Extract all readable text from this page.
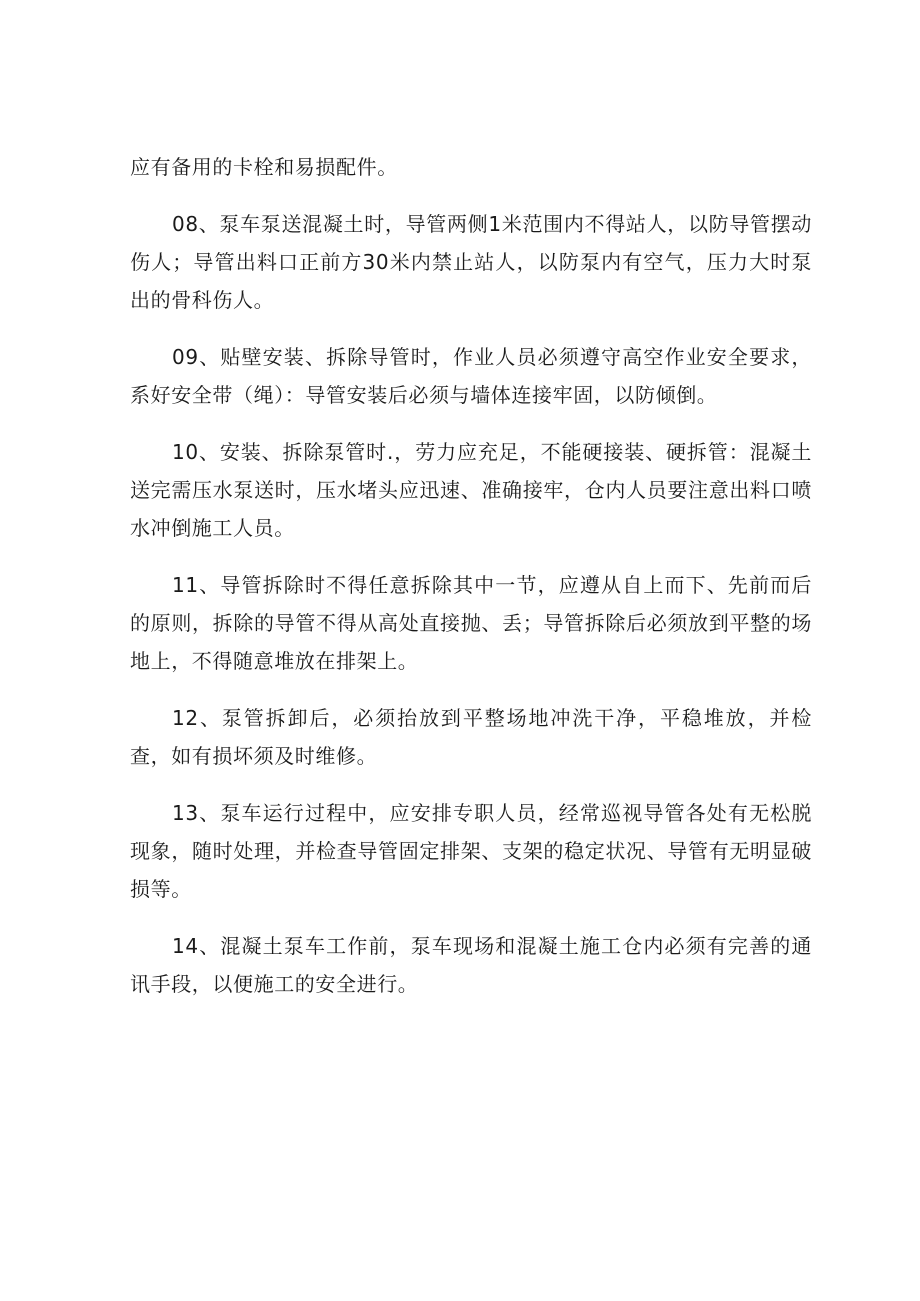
应有备用的卡栓和易损配件。

08、泵车泵送混凝土时，导管两侧1米范围内不得站人，以防导管摆动伤人；导管出料口正前方30米内禁止站人，以防泵内有空气，压力大时泵出的骨科伤人。

09、贴壁安装、拆除导管时，作业人员必须遵守高空作业安全要求，系好安全带（绳）：导管安装后必须与墙体连接牢固，以防倾倒。

10、安装、拆除泵管时.，劳力应充足，不能硬接装、硬拆管：混凝土送完需压水泵送时，压水堵头应迅速、准确接牢，仓内人员要注意出料口喷水冲倒施工人员。

11、导管拆除时不得任意拆除其中一节，应遵从自上而下、先前而后的原则，拆除的导管不得从高处直接抛、丢；导管拆除后必须放到平整的场地上，不得随意堆放在排架上。

12、泵管拆卸后，必须抬放到平整场地冲洗干净，平稳堆放，并检查，如有损坏须及时维修。

13、泵车运行过程中，应安排专职人员，经常巡视导管各处有无松脱现象，随时处理，并检查导管固定排架、支架的稳定状况、导管有无明显破损等。

14、混凝土泵车工作前，泵车现场和混凝土施工仓内必须有完善的通讯手段，以便施工的安全进行。
